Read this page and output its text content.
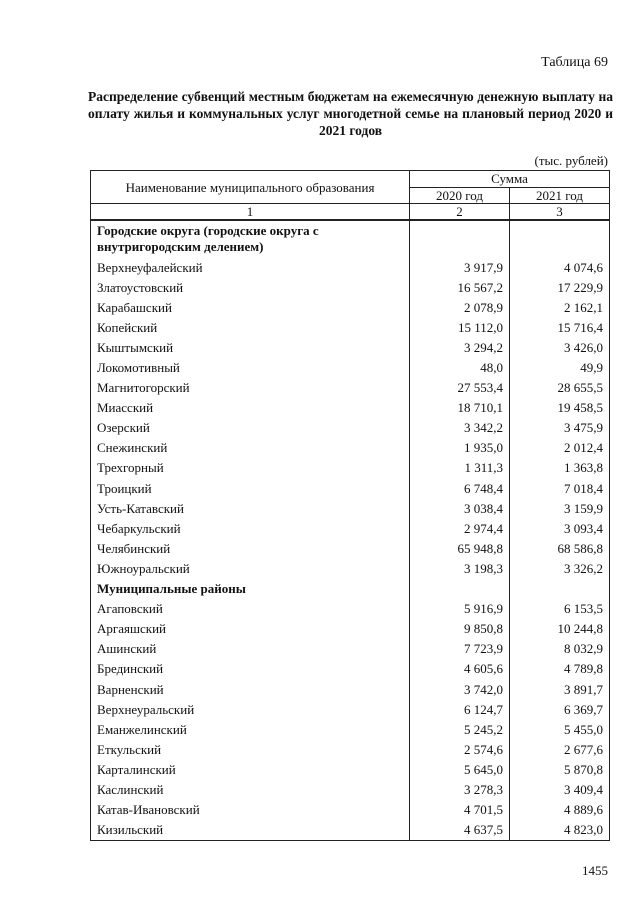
Таблица 69
Распределение субвенций местным бюджетам на ежемесячную денежную выплату на оплату жилья и коммунальных услуг многодетной семье на плановый период 2020 и 2021 годов
(тыс. рублей)
Наименование муниципального образования	Сумма	
	2020 год	2021 год
1	2	3
Городские округа (городские округа с внутригородским делением)		
Верхнеуфалейский	3 917,9	4 074,6
Златоустовский	16 567,2	17 229,9
Карабашский	2 078,9	2 162,1
Копейский	15 112,0	15 716,4
Кыштымский	3 294,2	3 426,0
Локомотивный	48,0	49,9
Магнитогорский	27 553,4	28 655,5
Миасский	18 710,1	19 458,5
Озерский	3 342,2	3 475,9
Снежинский	1 935,0	2 012,4
Трехгорный	1 311,3	1 363,8
Троицкий	6 748,4	7 018,4
Усть-Катавский	3 038,4	3 159,9
Чебаркульский	2 974,4	3 093,4
Челябинский	65 948,8	68 586,8
Южноуральский	3 198,3	3 326,2
Муниципальные районы		
Агаповский	5 916,9	6 153,5
Аргаяшский	9 850,8	10 244,8
Ашинский	7 723,9	8 032,9
Брединский	4 605,6	4 789,8
Варненский	3 742,0	3 891,7
Верхнеуральский	6 124,7	6 369,7
Еманжелинский	5 245,2	5 455,0
Еткульский	2 574,6	2 677,6
Карталинский	5 645,0	5 870,8
Каслинский	3 278,3	3 409,4
Катав-Ивановский	4 701,5	4 889,6
Кизильский	4 637,5	4 823,0
1455
